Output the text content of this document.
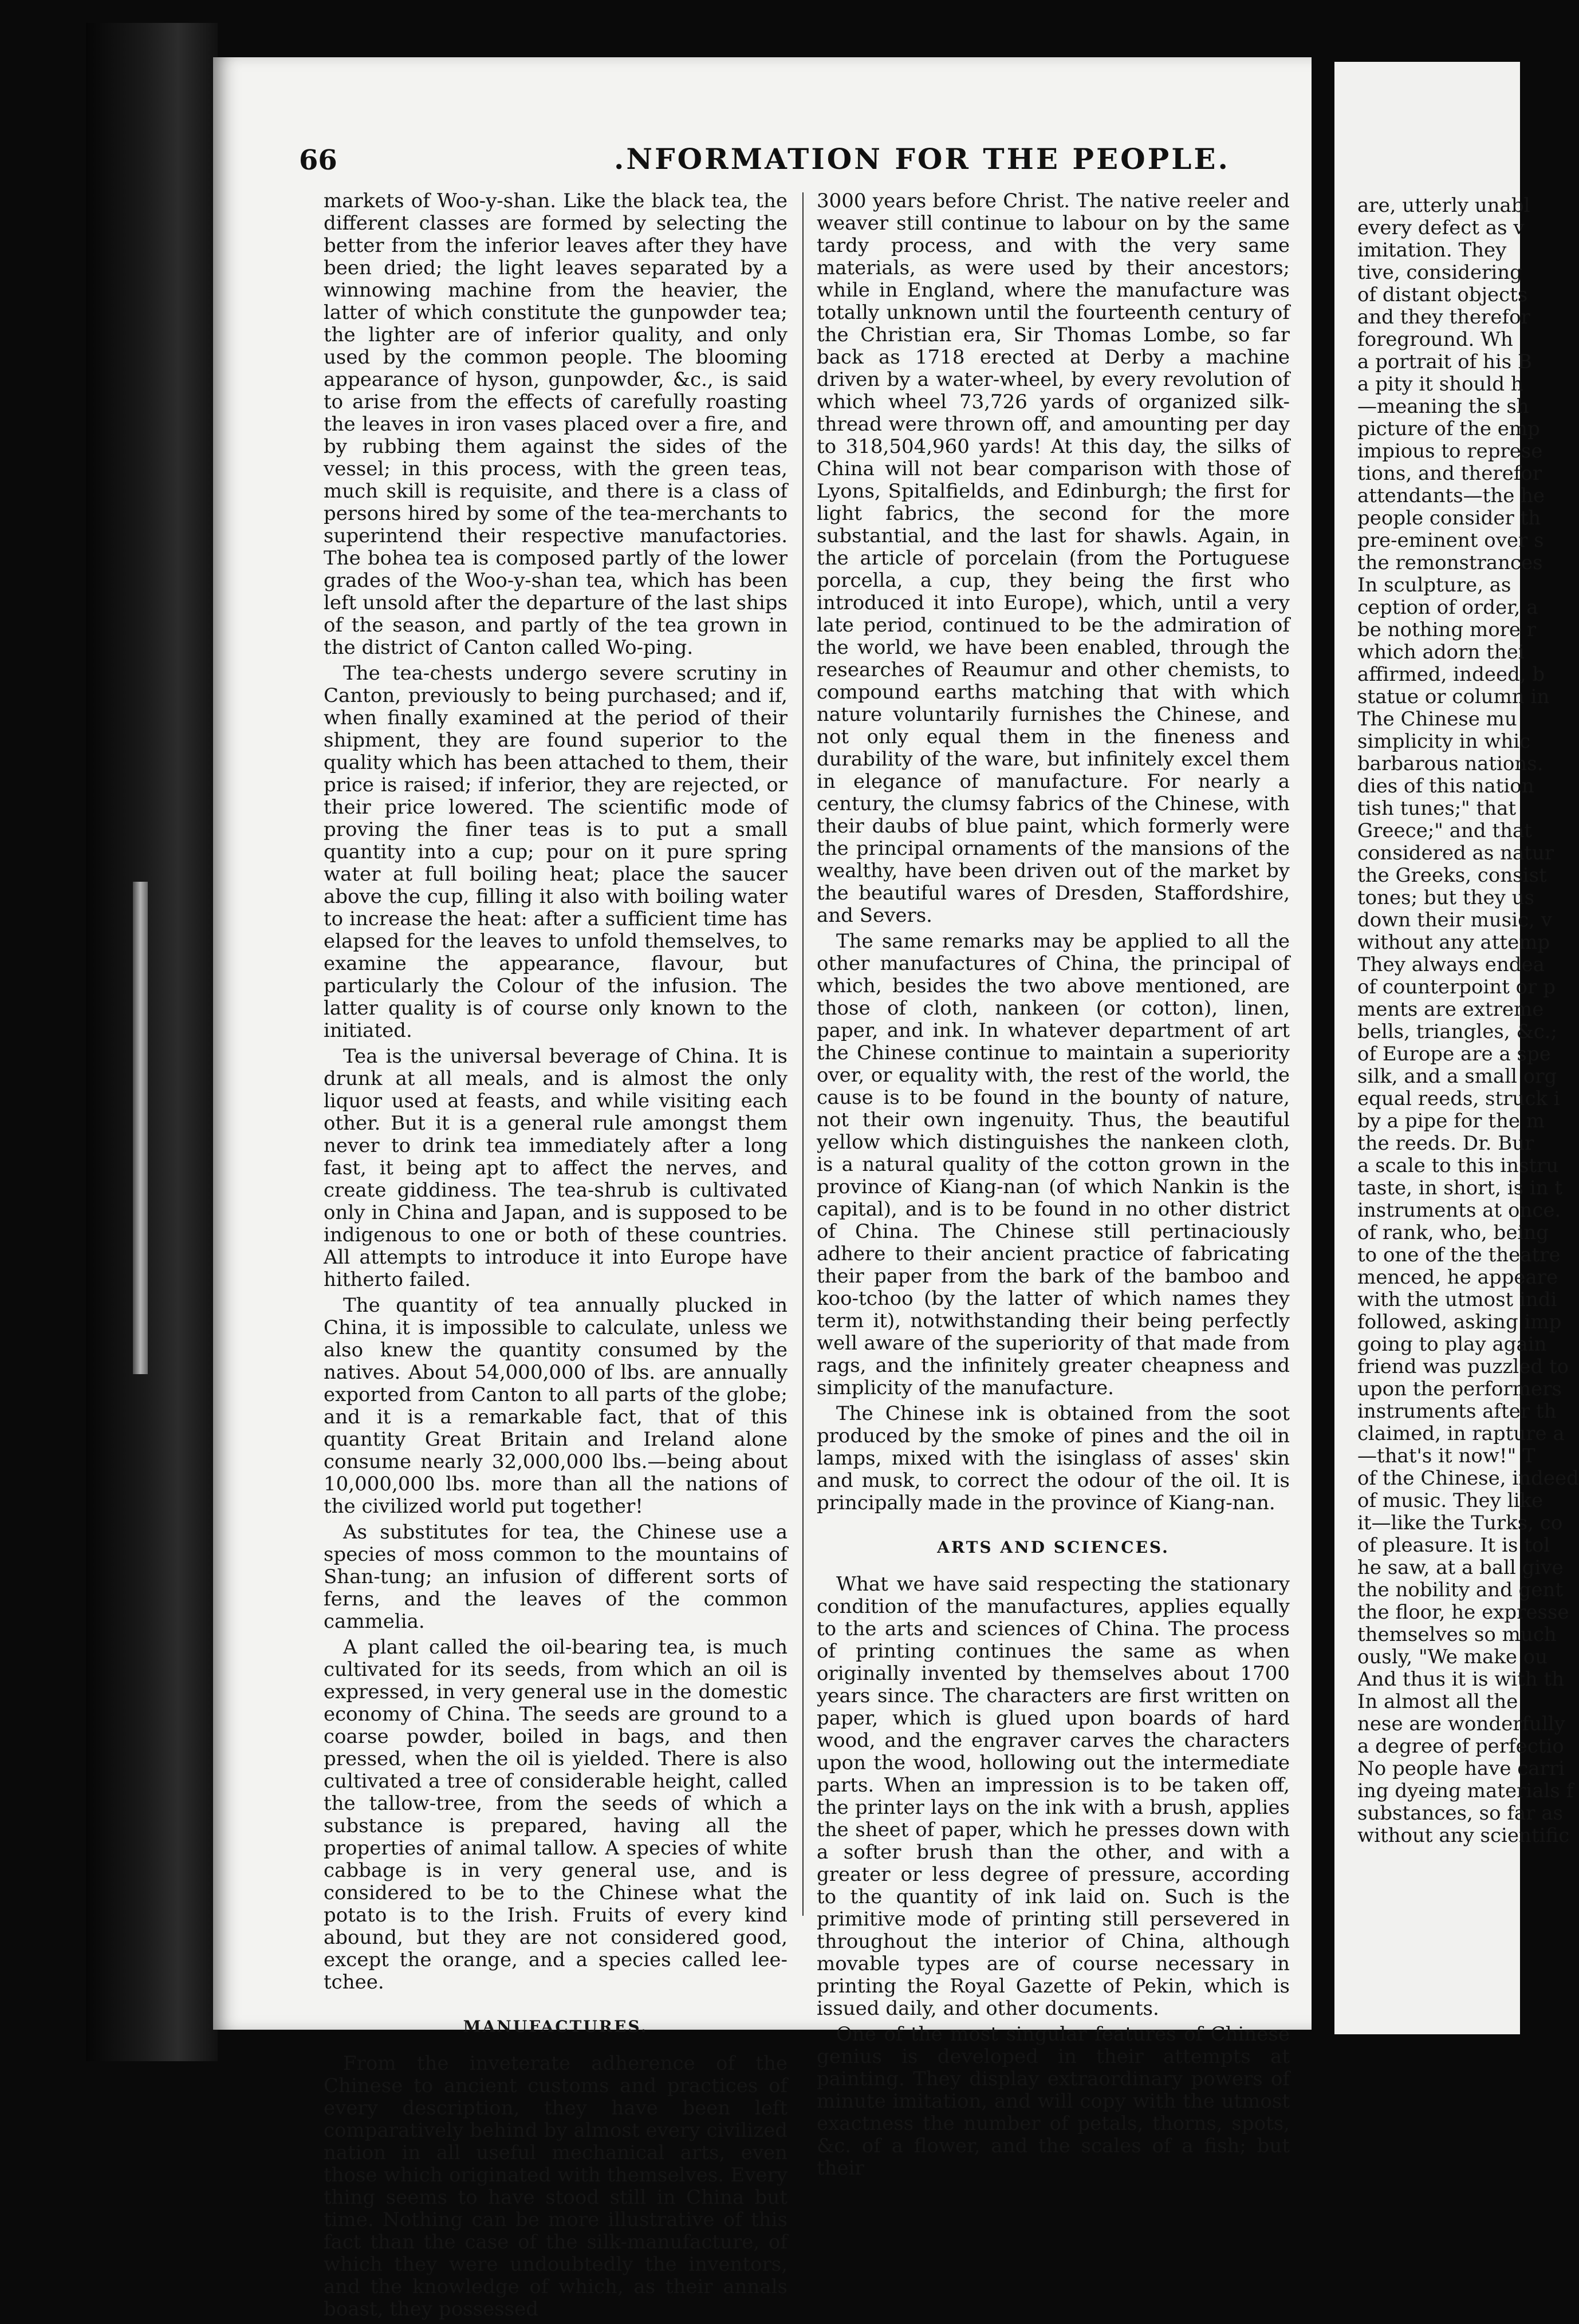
66	.NFORMATION FOR THE PEOPLE.

markets of Woo-y-shan. Like the black tea, the different classes are formed by selecting the better from the inferior leaves after they have been dried; the light leaves separated by a winnowing machine from the heavier, the latter of which constitute the gunpowder tea; the lighter are of inferior quality, and only used by the common people. The blooming appearance of hyson, gunpowder, &c., is said to arise from the effects of carefully roasting the leaves in iron vases placed over a fire, and by rubbing them against the sides of the vessel; in this process, with the green teas, much skill is requisite, and there is a class of persons hired by some of the tea-merchants to superintend their respective manufactories. The bohea tea is composed partly of the lower grades of the Woo-y-shan tea, which has been left unsold after the departure of the last ships of the season, and partly of the tea grown in the district of Canton called Wo-ping.

The tea-chests undergo severe scrutiny in Canton, previously to being purchased; and if, when finally examined at the period of their shipment, they are found superior to the quality which has been attached to them, their price is raised; if inferior, they are rejected, or their price lowered. The scientific mode of proving the finer teas is to put a small quantity into a cup; pour on it pure spring water at full boiling heat; place the saucer above the cup, filling it also with boiling water to increase the heat: after a sufficient time has elapsed for the leaves to unfold themselves, to examine the appearance, flavour, but particularly the Colour of the infusion. The latter quality is of course only known to the initiated.

Tea is the universal beverage of China. It is drunk at all meals, and is almost the only liquor used at feasts, and while visiting each other. But it is a general rule amongst them never to drink tea immediately after a long fast, it being apt to affect the nerves, and create giddiness. The tea-shrub is cultivated only in China and Japan, and is supposed to be indigenous to one or both of these countries. All attempts to introduce it into Europe have hitherto failed.

The quantity of tea annually plucked in China, it is impossible to calculate, unless we also knew the quantity consumed by the natives. About 54,000,000 of lbs. are annually exported from Canton to all parts of the globe; and it is a remarkable fact, that of this quantity Great Britain and Ireland alone consume nearly 32,000,000 lbs.—being about 10,000,000 lbs. more than all the nations of the civilized world put together!

As substitutes for tea, the Chinese use a species of moss common to the mountains of Shan-tung; an infusion of different sorts of ferns, and the leaves of the common cammelia.

A plant called the oil-bearing tea, is much cultivated for its seeds, from which an oil is expressed, in very general use in the domestic economy of China. The seeds are ground to a coarse powder, boiled in bags, and then pressed, when the oil is yielded. There is also cultivated a tree of considerable height, called the tallow-tree, from the seeds of which a substance is prepared, having all the properties of animal tallow. A species of white cabbage is in very general use, and is considered to be to the Chinese what the potato is to the Irish. Fruits of every kind abound, but they are not considered good, except the orange, and a species called lee-tchee.

MANUFACTURES.

From the inveterate adherence of the Chinese to ancient customs and practices of every description, they have been left comparatively behind by almost every civilized nation in all useful mechanical arts, even those which originated with themselves. Every thing seems to have stood still in China but time. Nothing can be more illustrative of this fact than the case of the silk-manufacture, of which they were undoubtedly the inventors, and the knowledge of which, as their annals boast, they possessed

3000 years before Christ. The native reeler and weaver still continue to labour on by the same tardy process, and with the very same materials, as were used by their ancestors; while in England, where the manufacture was totally unknown until the fourteenth century of the Christian era, Sir Thomas Lombe, so far back as 1718 erected at Derby a machine driven by a water-wheel, by every revolution of which wheel 73,726 yards of organized silk-thread were thrown off, and amounting per day to 318,504,960 yards! At this day, the silks of China will not bear comparison with those of Lyons, Spitalfields, and Edinburgh; the first for light fabrics, the second for the more substantial, and the last for shawls. Again, in the article of porcelain (from the Portuguese porcella, a cup, they being the first who introduced it into Europe), which, until a very late period, continued to be the admiration of the world, we have been enabled, through the researches of Reaumur and other chemists, to compound earths matching that with which nature voluntarily furnishes the Chinese, and not only equal them in the fineness and durability of the ware, but infinitely excel them in elegance of manufacture. For nearly a century, the clumsy fabrics of the Chinese, with their daubs of blue paint, which formerly were the principal ornaments of the mansions of the wealthy, have been driven out of the market by the beautiful wares of Dresden, Staffordshire, and Severs.

The same remarks may be applied to all the other manufactures of China, the principal of which, besides the two above mentioned, are those of cloth, nankeen (or cotton), linen, paper, and ink. In whatever department of art the Chinese continue to maintain a superiority over, or equality with, the rest of the world, the cause is to be found in the bounty of nature, not their own ingenuity. Thus, the beautiful yellow which distinguishes the nankeen cloth, is a natural quality of the cotton grown in the province of Kiang-nan (of which Nankin is the capital), and is to be found in no other district of China. The Chinese still pertinaciously adhere to their ancient practice of fabricating their paper from the bark of the bamboo and koo-tchoo (by the latter of which names they term it), notwithstanding their being perfectly well aware of the superiority of that made from rags, and the infinitely greater cheapness and simplicity of the manufacture.

The Chinese ink is obtained from the soot produced by the smoke of pines and the oil in lamps, mixed with the isinglass of asses' skin and musk, to correct the odour of the oil. It is principally made in the province of Kiang-nan.

ARTS AND SCIENCES.

What we have said respecting the stationary condition of the manufactures, applies equally to the arts and sciences of China. The process of printing continues the same as when originally invented by themselves about 1700 years since. The characters are first written on paper, which is glued upon boards of hard wood, and the engraver carves the characters upon the wood, hollowing out the intermediate parts. When an impression is to be taken off, the printer lays on the ink with a brush, applies the sheet of paper, which he presses down with a softer brush than the other, and with a greater or less degree of pressure, according to the quantity of ink laid on. Such is the primitive mode of printing still persevered in throughout the interior of China, although movable types are of course necessary in printing the Royal Gazette of Pekin, which is issued daily, and other documents.

One of the most singular features of Chinese genius is developed in their attempts at painting. They display extraordinary powers of minute imitation, and will copy with the utmost exactness the number of petals, thorns, spots, &c. of a flower, and the scales of a fish; but their

are, utterly unabl
every defect as v
imitation. They
tive, considering
of distant objects
and they therefor
foreground. Wh
a portrait of his B
a pity it should h
—meaning the sh
picture of the emp
impious to represe
tions, and therefor
attendants—the he
people consider th
pre-eminent over s
the remonstrances
In sculpture, as
ception of order, a
be nothing more r
which adorn thei
affirmed, indeed, b
statue or column in
The Chinese mu
simplicity in whic
barbarous nations.
dies of this nation
tish tunes;" that
Greece;" and that
considered as natur
the Greeks, consist
tones; but they us
down their music, v
without any attemp
They always endea
of counterpoint or p
ments are extreme
bells, triangles, &c.;
of Europe are a spe
silk, and a small org
equal reeds, struck i
by a pipe for the m
the reeds. Dr. Bur
a scale to this instru
taste, in short, is in t
instruments at once.
of rank, who, being
to one of the theatre
menced, he appeare
with the utmost indi
followed, asking imp
going to play again
friend was puzzled to
upon the performers
instruments after th
claimed, in rapture a
—that's it now!" T
of the Chinese, indeed
of music. They like
it—like the Turks, co
of pleasure. It is tol
he saw, at a ball give
the nobility and gent
the floor, he expresse
themselves so much
ously, "We make ou
And thus it is with th
In almost all the
nese are wonderfully
a degree of perfectio
No people have carri
ing dyeing materials f
substances, so far as
without any scientific
